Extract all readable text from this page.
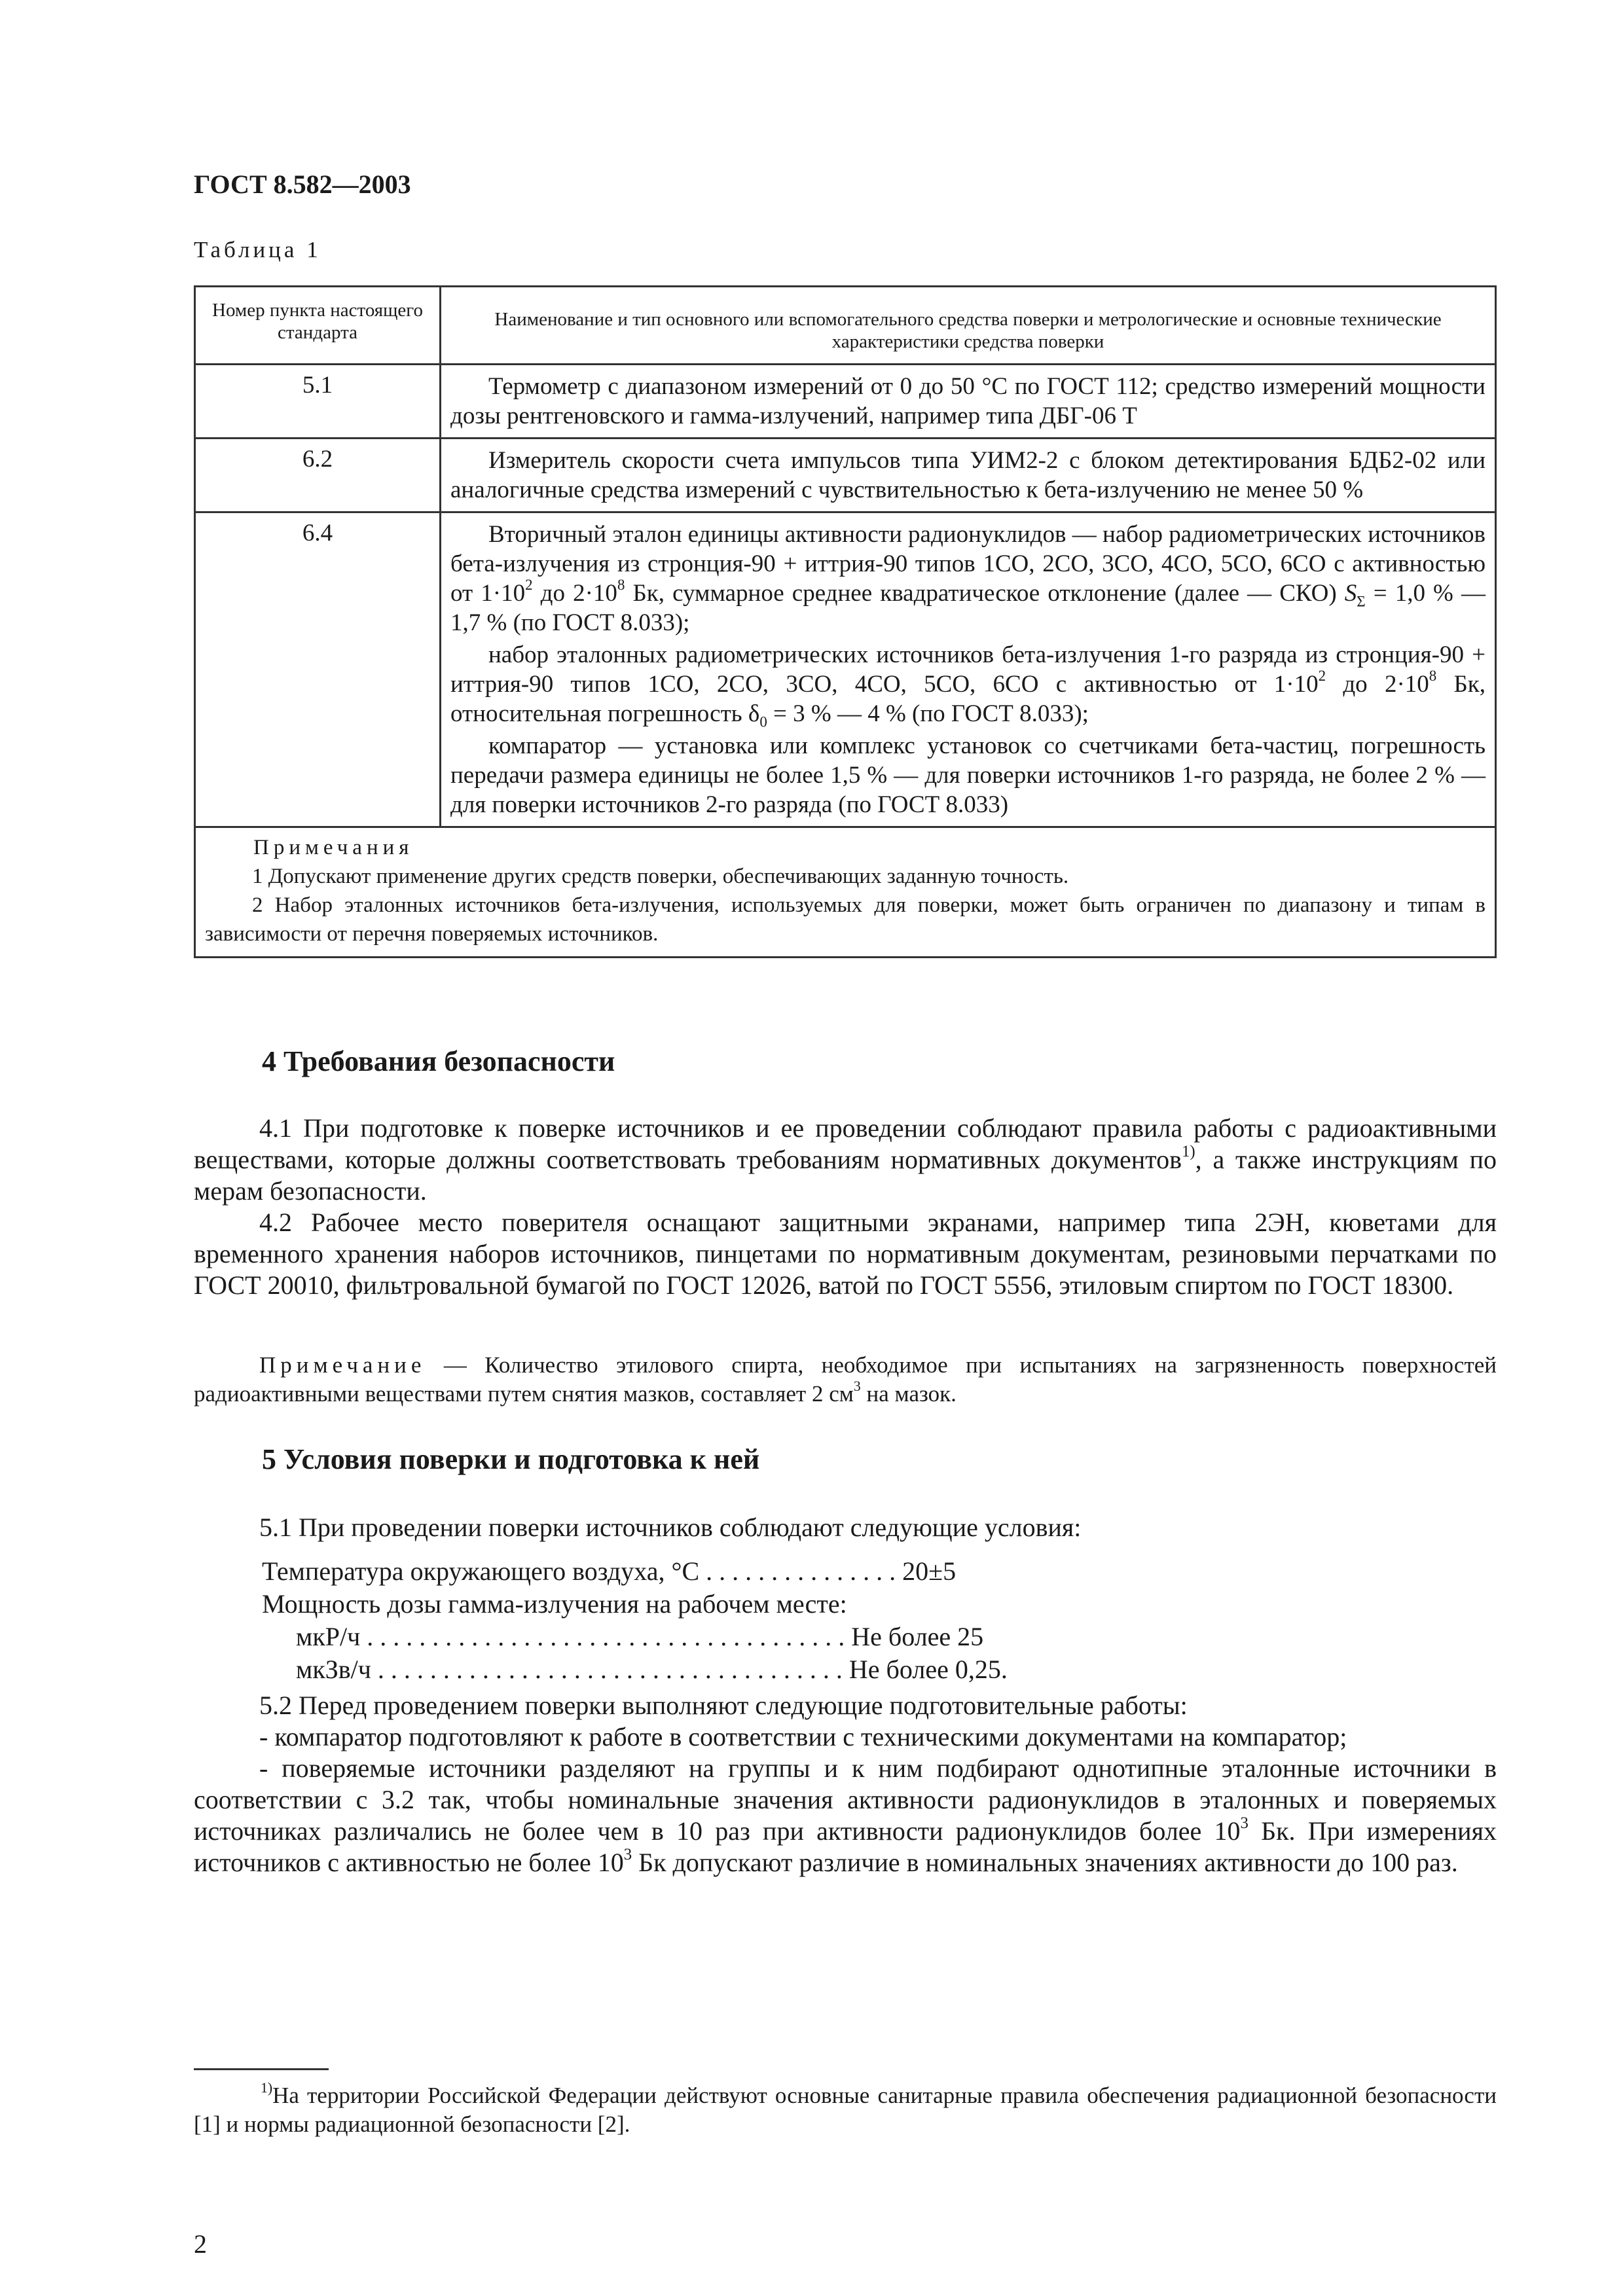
ГОСТ 8.582—2003
Таблица 1
Номер пункта настоящего стандарта	Наименование и тип основного или вспомогательного средства поверки и метрологические и основные технические характеристики средства поверки
5.1	Термометр с диапазоном измерений от 0 до 50 °С по ГОСТ 112; средство измерений мощности дозы рентгеновского и гамма-излучений, например типа ДБГ-06 Т

6.2	Измеритель скорости счета импульсов типа УИМ2-2 с блоком детектирования БДБ2-02 или аналогичные средства измерений с чувствительностью к бета-излучению не менее 50 %

6.4	Вторичный эталон единицы активности радионуклидов — набор радиометрических источников бета-излучения из стронция-90 + иттрия-90 типов 1СО, 2СО, 3СО, 4СО, 5СО, 6СО с активностью от $1\cdot 10^2$ до $2\cdot 10^8$ Бк, суммарное среднее квадратическое отклонение (далее — СКО) $S_\Sigma = 1,0$ % — 1,7 % (по ГОСТ 8.033);

набор эталонных радиометрических источников бета-излучения 1-го разряда из стронция-90 + иттрия-90 типов 1СО, 2СО, 3СО, 4СО, 5СО, 6СО с активностью от $1\cdot 10^2$ до $2\cdot 10^8$ Бк, относительная погрешность $\delta_0 = 3$ % — 4 % (по ГОСТ 8.033);

компаратор — установка или комплекс установок со счетчиками бета-частиц, погрешность передачи размера единицы не более 1,5 % — для поверки источников 1-го разряда, не более 2 % — для поверки источников 2-го разряда (по ГОСТ 8.033)

Примечания
1 Допускают применение других средств поверки, обеспечивающих заданную точность.
2 Набор эталонных источников бета-излучения, используемых для поверки, может быть ограничен по диапазону и типам в зависимости от перечня поверяемых источников.	
4 Требования безопасности

4.1 При подготовке к поверке источников и ее проведении соблюдают правила работы с радиоактивными веществами, которые должны соответствовать требованиям нормативных документов$^{1)}$, а также инструкциям по мерам безопасности.

4.2 Рабочее место поверителя оснащают защитными экранами, например типа 2ЭН, кюветами для временного хранения наборов источников, пинцетами по нормативным документам, резиновыми перчатками по ГОСТ 20010, фильтровальной бумагой по ГОСТ 12026, ватой по ГОСТ 5556, этиловым спиртом по ГОСТ 18300.

Примечание — Количество этилового спирта, необходимое при испытаниях на загрязненность поверхностей радиоактивными веществами путем снятия мазков, составляет 2 $см^3$ на мазок.
5 Условия поверки и подготовка к ней

5.1 При проведении поверки источников соблюдают следующие условия:

Температура окружающего воздуха, °С . . . . . . . . . . . . . . . 20±5
Мощность дозы гамма-излучения на рабочем месте:
мкР/ч . . . . . . . . . . . . . . . . . . . . . . . . . . . . . . . . . . . . . Не более 25
мкЗв/ч . . . . . . . . . . . . . . . . . . . . . . . . . . . . . . . . . . . . Не более 0,25.

5.2 Перед проведением поверки выполняют следующие подготовительные работы:

- компаратор подготовляют к работе в соответствии с техническими документами на компаратор;

- поверяемые источники разделяют на группы и к ним подбирают однотипные эталонные источники в соответствии с 3.2 так, чтобы номинальные значения активности радионуклидов в эталонных и поверяемых источниках различались не более чем в 10 раз при активности радионуклидов более $10^3$ Бк. При измерениях источников с активностью не более $10^3$ Бк допускают различие в номинальных значениях активности до 100 раз.

$^{1)}$На территории Российской Федерации действуют основные санитарные правила обеспечения радиационной безопасности [1] и нормы радиационной безопасности [2].
2
